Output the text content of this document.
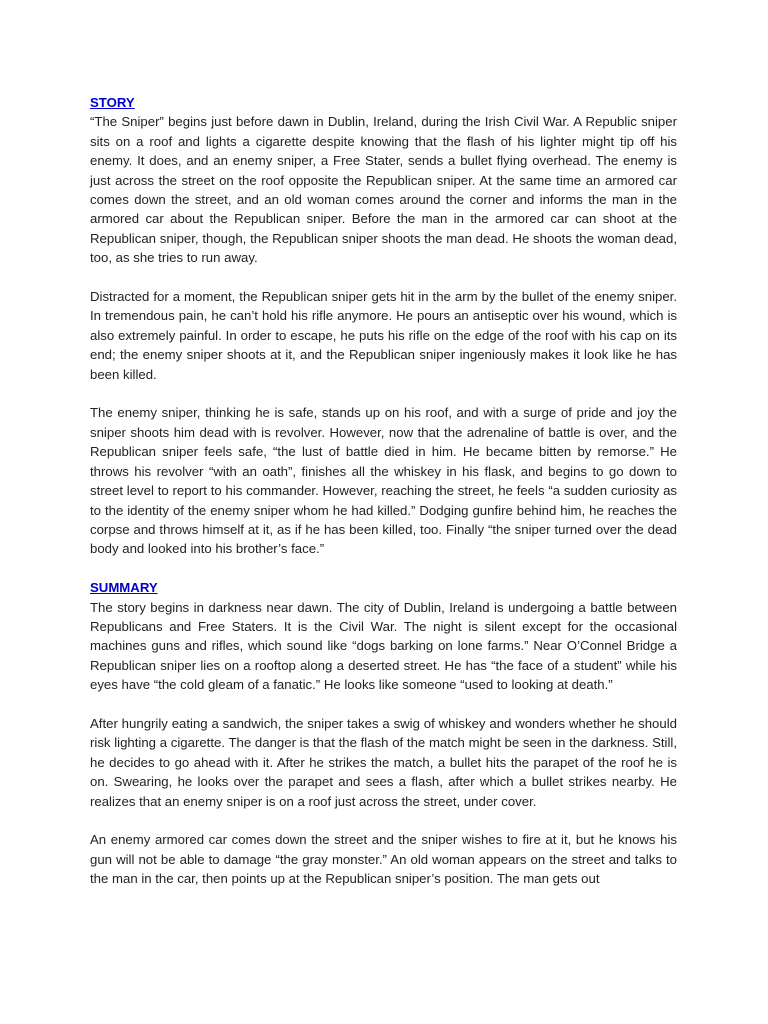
STORY

“The Sniper” begins just before dawn in Dublin, Ireland, during the Irish Civil War. A Republic sniper sits on a roof and lights a cigarette despite knowing that the flash of his lighter might tip off his enemy. It does, and an enemy sniper, a Free Stater, sends a bullet flying overhead. The enemy is just across the street on the roof opposite the Republican sniper. At the same time an armored car comes down the street, and an old woman comes around the corner and informs the man in the armored car about the Republican sniper. Before the man in the armored car can shoot at the Republican sniper, though, the Republican sniper shoots the man dead. He shoots the woman dead, too, as she tries to run away.

Distracted for a moment, the Republican sniper gets hit in the arm by the bullet of the enemy sniper. In tremendous pain, he can’t hold his rifle anymore. He pours an antiseptic over his wound, which is also extremely painful. In order to escape, he puts his rifle on the edge of the roof with his cap on its end; the enemy sniper shoots at it, and the Republican sniper ingeniously makes it look like he has been killed.

The enemy sniper, thinking he is safe, stands up on his roof, and with a surge of pride and joy the sniper shoots him dead with is revolver. However, now that the adrenaline of battle is over, and the Republican sniper feels safe, “the lust of battle died in him. He became bitten by remorse.” He throws his revolver “with an oath”, finishes all the whiskey in his flask, and begins to go down to street level to report to his commander. However, reaching the street, he feels “a sudden curiosity as to the identity of the enemy sniper whom he had killed.” Dodging gunfire behind him, he reaches the corpse and throws himself at it, as if he has been killed, too. Finally “the sniper turned over the dead body and looked into his brother’s face.”

SUMMARY

The story begins in darkness near dawn. The city of Dublin, Ireland is undergoing a battle between Republicans and Free Staters. It is the Civil War. The night is silent except for the occasional machines guns and rifles, which sound like “dogs barking on lone farms.” Near O’Connel Bridge a Republican sniper lies on a rooftop along a deserted street. He has “the face of a student” while his eyes have “the cold gleam of a fanatic.” He looks like someone “used to looking at death.”

After hungrily eating a sandwich, the sniper takes a swig of whiskey and wonders whether he should risk lighting a cigarette. The danger is that the flash of the match might be seen in the darkness. Still, he decides to go ahead with it. After he strikes the match, a bullet hits the parapet of the roof he is on. Swearing, he looks over the parapet and sees a flash, after which a bullet strikes nearby. He realizes that an enemy sniper is on a roof just across the street, under cover.

An enemy armored car comes down the street and the sniper wishes to fire at it, but he knows his gun will not be able to damage “the gray monster.” An old woman appears on the street and talks to the man in the car, then points up at the Republican sniper’s position. The man gets out
